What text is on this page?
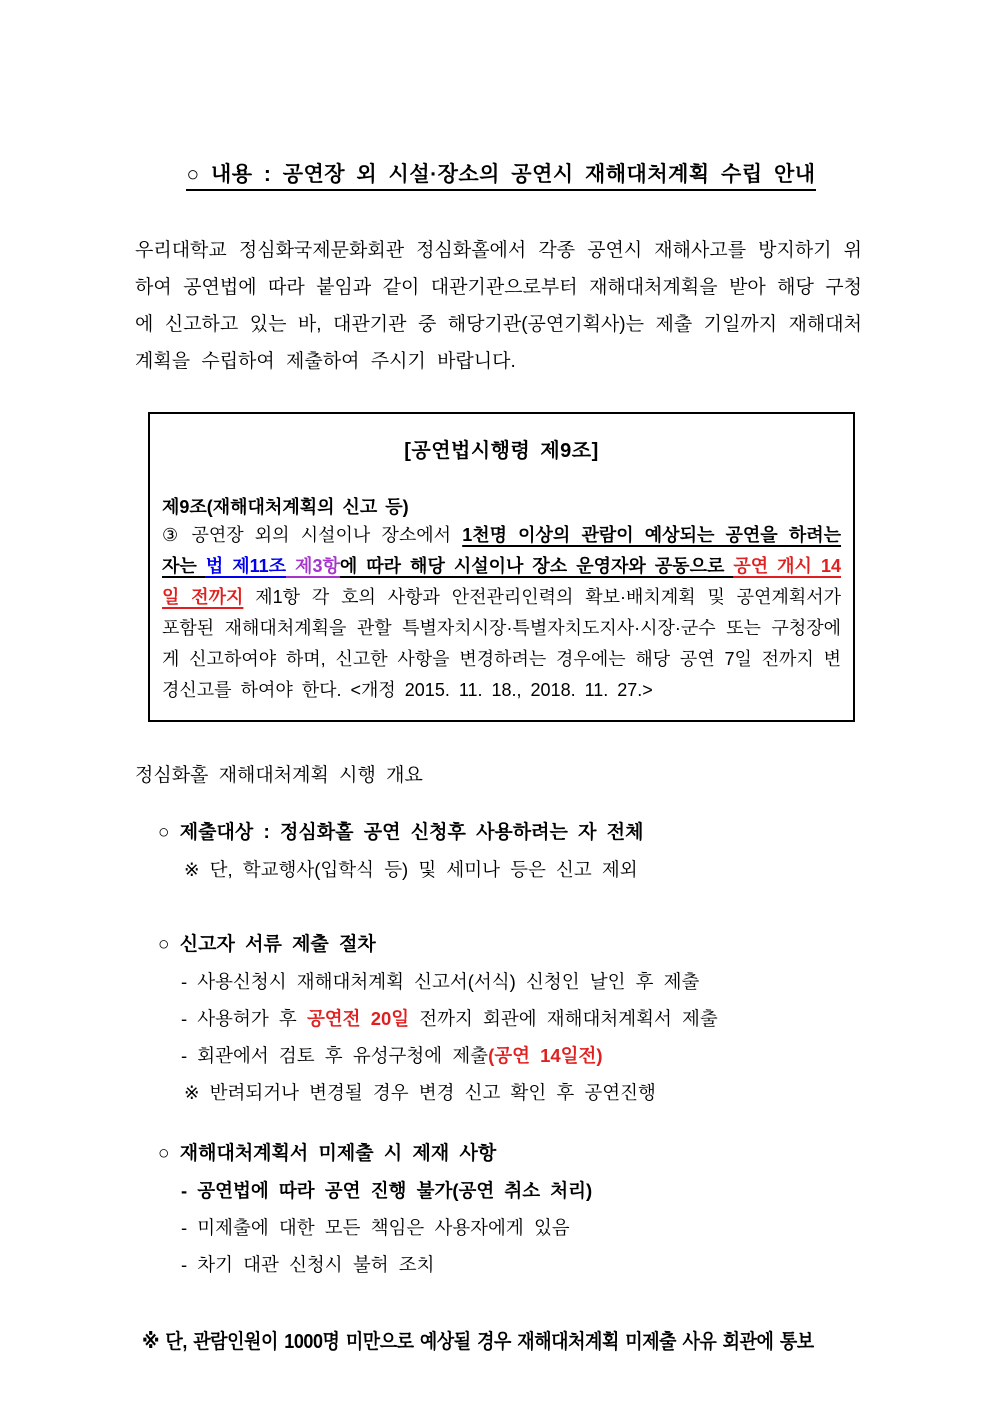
○ 내용 : 공연장 외 시설·장소의 공연시 재해대처계획 수립 안내

우리대학교 정심화국제문화회관 정심화홀에서 각종 공연시 재해사고를 방지하기 위하여 공연법에 따라 붙임과 같이 대관기관으로부터 재해대처계획을 받아 해당 구청에 신고하고 있는 바, 대관기관 중 해당기관(공연기획사)는 제출 기일까지 재해대처계획을 수립하여 제출하여 주시기 바랍니다.

[공연법시행령 제9조]
제9조(재해대처계획의 신고 등)
③ 공연장 외의 시설이나 장소에서 1천명 이상의 관람이 예상되는 공연을 하려는 자는 법 제11조 제3항에 따라 해당 시설이나 장소 운영자와 공동으로 공연 개시 14일 전까지 제1항 각 호의 사항과 안전관리인력의 확보·배치계획 및 공연계획서가 포함된 재해대처계획을 관할 특별자치시장·특별자치도지사·시장·군수 또는 구청장에게 신고하여야 하며, 신고한 사항을 변경하려는 경우에는 해당 공연 7일 전까지 변경신고를 하여야 한다. <개정 2015. 11. 18., 2018. 11. 27.>
정심화홀 재해대처계획 시행 개요
○ 제출대상 : 정심화홀 공연 신청후 사용하려는 자 전체
※ 단, 학교행사(입학식 등) 및 세미나 등은 신고 제외
○ 신고자 서류 제출 절차
- 사용신청시 재해대처계획 신고서(서식) 신청인 날인 후 제출
- 사용허가 후 공연전 20일 전까지 회관에 재해대처계획서 제출
- 회관에서 검토 후 유성구청에 제출(공연 14일전)
※ 반려되거나 변경될 경우 변경 신고 확인 후 공연진행
○ 재해대처계획서 미제출 시 제재 사항
- 공연법에 따라 공연 진행 불가(공연 취소 처리)
- 미제출에 대한 모든 책임은 사용자에게 있음
- 차기 대관 신청시 불허 조치
※ 단, 관람인원이 1000명 미만으로 예상될 경우 재해대처계획 미제출 사유 회관에 통보
